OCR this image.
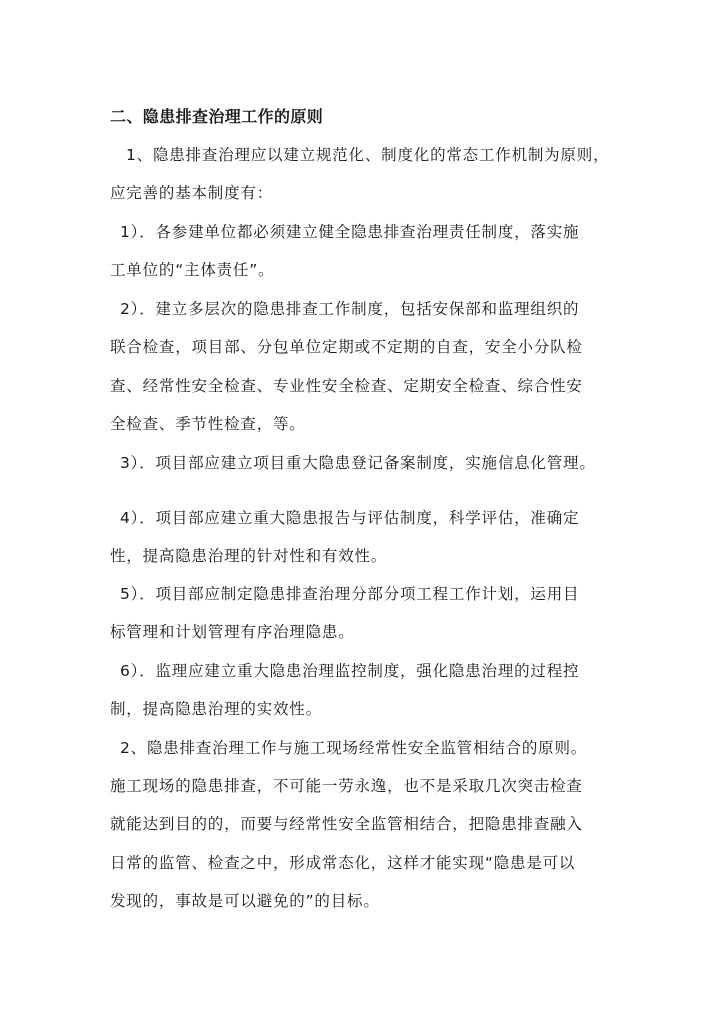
二、隐患排查治理工作的原则
1、隐患排查治理应以建立规范化、制度化的常态工作机制为原则，
应完善的基本制度有：
1）．各参建单位都必须建立健全隐患排查治理责任制度，落实施
工单位的“主体责任”。
2）．建立多层次的隐患排查工作制度，包括安保部和监理组织的
联合检查，项目部、分包单位定期或不定期的自查，安全小分队检
查、经常性安全检查、专业性安全检查、定期安全检查、综合性安
全检查、季节性检查，等。
3）．项目部应建立项目重大隐患登记备案制度，实施信息化管理。
4）．项目部应建立重大隐患报告与评估制度，科学评估，准确定
性，提高隐患治理的针对性和有效性。
5）．项目部应制定隐患排查治理分部分项工程工作计划，运用目
标管理和计划管理有序治理隐患。
6）．监理应建立重大隐患治理监控制度，强化隐患治理的过程控
制，提高隐患治理的实效性。
2、隐患排查治理工作与施工现场经常性安全监管相结合的原则。
施工现场的隐患排查，不可能一劳永逸，也不是采取几次突击检查
就能达到目的的，而要与经常性安全监管相结合，把隐患排查融入
日常的监管、检查之中，形成常态化，这样才能实现“隐患是可以
发现的，事故是可以避免的”的目标。
